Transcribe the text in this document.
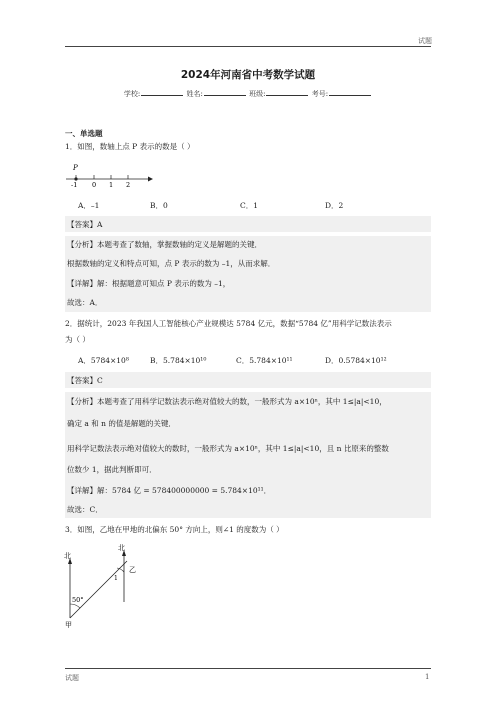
试题
2024年河南省中考数学试题
学校:	姓名:	班级:	考号:
一、单选题
1．如图，数轴上点 P 表示的数是（ ）
P
-1 0 1 2
A．–1	B．0	C．1	D．2
【答案】A
【分析】本题考查了数轴，掌握数轴的定义是解题的关键．
根据数轴的定义和特点可知，点 P 表示的数为 –1，从而求解．
【详解】解：根据题意可知点 P 表示的数为 –1，
故选：A．
2．据统计，2023 年我国人工智能核心产业规模达 5784 亿元，数据“5784 亿”用科学记数法表示
为（ ）
A．5784×10⁸	B．5.784×10¹⁰	C．5.784×10¹¹	D．0.5784×10¹²
【答案】C
【分析】本题考查了用科学记数法表示绝对值较大的数，一般形式为 a×10ⁿ，其中 1≤|a|<10，
确定 a 和 n 的值是解题的关键．
用科学记数法表示绝对值较大的数时，一般形式为 a×10ⁿ，其中 1≤|a|<10，且 n 比原来的整数
位数少 1，据此判断即可．
【详解】解：5784 亿 = 578400000000 = 5.784×10¹¹．
故选：C．
3．如图，乙地在甲地的北偏东 50° 方向上，则∠1 的度数为（ ）
北
北
乙
1
50°
甲
试题	1
